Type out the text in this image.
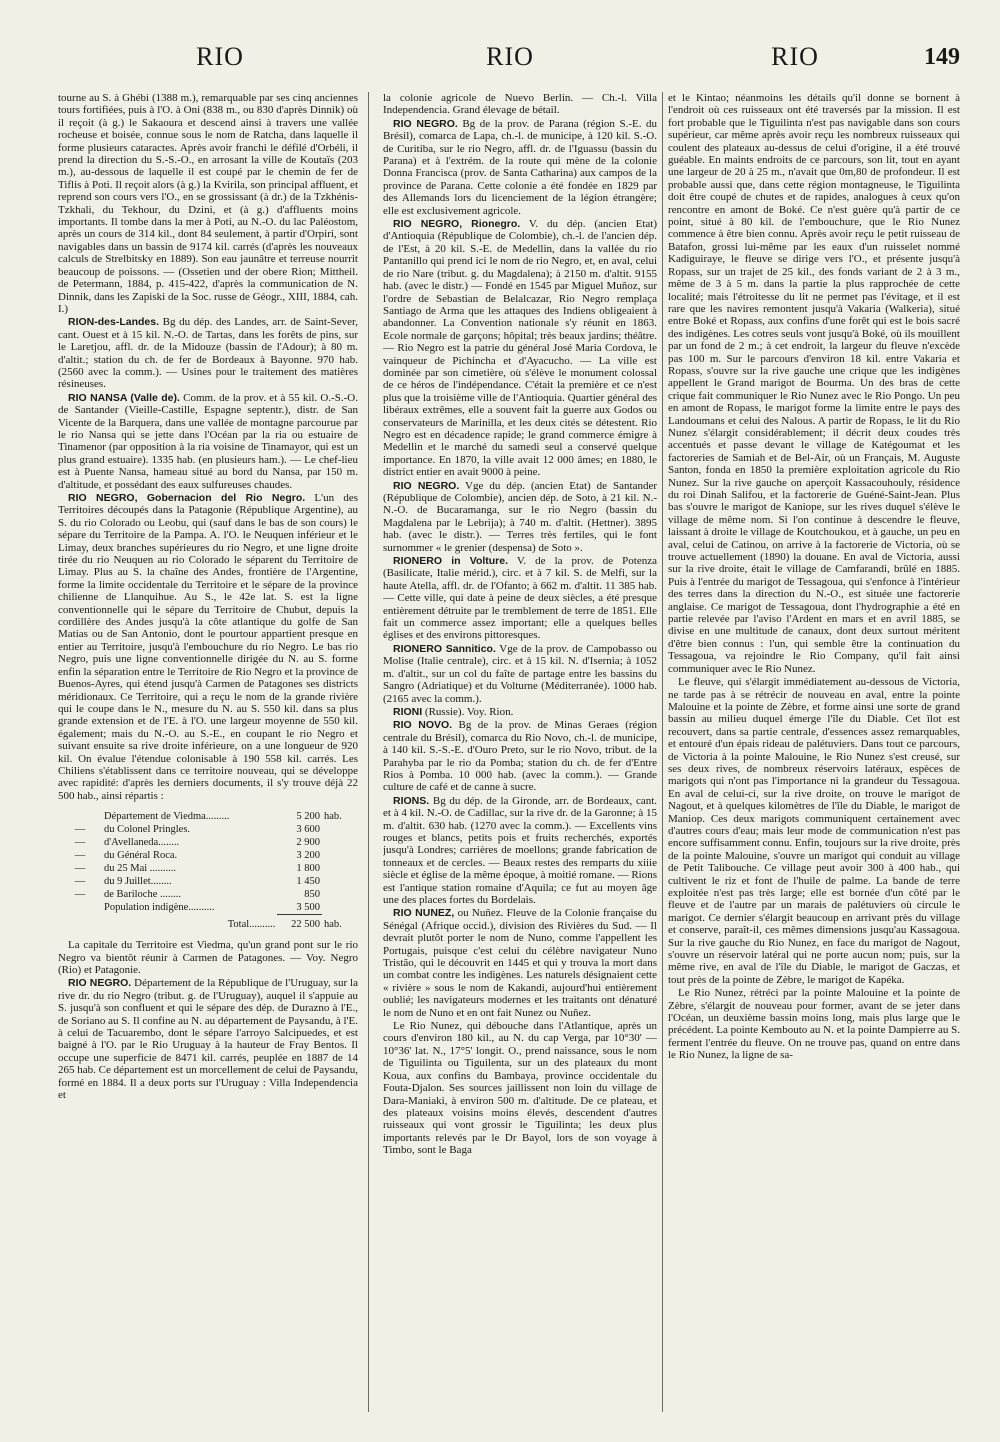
RIO	RIO	RIO	149

tourne au S. à Ghébi (1388 m.), remarquable par ses cinq anciennes tours fortifiées, puis à l'O. à Oni (838 m., ou 830 d'après Dinnik) où il reçoit (à g.) le Sakaoura et descend ainsi à travers une vallée rocheuse et boisée, connue sous le nom de Ratcha, dans laquelle il forme plusieurs cataractes. Après avoir franchi le défilé d'Orbéli, il prend la direction du S.-S.-O., en arrosant la ville de Koutaïs (203 m.), au-dessous de laquelle il est coupé par le chemin de fer de Tiflis à Poti. Il reçoit alors (à g.) la Kvirila, son principal affluent, et reprend son cours vers l'O., en se grossissant (à dr.) de la Tzkhénis-Tzkhali, du Tekhour, du Dzini, et (à g.) d'affluents moins importants. Il tombe dans la mer à Poti, au N.-O. du lac Paléostom, après un cours de 314 kil., dont 84 seulement, à partir d'Orpiri, sont navigables dans un bassin de 9174 kil. carrés (d'après les nouveaux calculs de Strelbitsky en 1889). Son eau jaunâtre et terreuse nourrit beaucoup de poissons. — (Ossetien und der obere Rion; Mittheil. de Petermann, 1884, p. 415-422, d'après la communication de N. Dinnik, dans les Zapiski de la Soc. russe de Géogr., XIII, 1884, cah. I.)

RION-des-Landes. Bg du dép. des Landes, arr. de Saint-Sever, cant. Ouest et à 15 kil. N.-O. de Tartas, dans les forêts de pins, sur le Laretjou, affl. dr. de la Midouze (bassin de l'Adour); à 80 m. d'altit.; station du ch. de fer de Bordeaux à Bayonne. 970 hab. (2560 avec la comm.). — Usines pour le traitement des matières résineuses.

RIO NANSA (Valle de). Comm. de la prov. et à 55 kil. O.-S.-O. de Santander (Vieille-Castille, Espagne septentr.), distr. de San Vicente de la Barquera, dans une vallée de montagne parcourue par le rio Nansa qui se jette dans l'Océan par la ria ou estuaire de Tinamenor (par opposition à la ria voisine de Tinamayor, qui est un plus grand estuaire). 1335 hab. (en plusieurs ham.). — Le chef-lieu est à Puente Nansa, hameau situé au bord du Nansa, par 150 m. d'altitude, et possédant des eaux sulfureuses chaudes.

RIO NEGRO, Gobernacion del Rio Negro. L'un des Territoires découpés dans la Patagonie (République Argentine), au S. du rio Colorado ou Leobu, qui (sauf dans le bas de son cours) le sépare du Territoire de la Pampa. A. l'O. le Neuquen inférieur et le Limay, deux branches supérieures du rio Negro, et une ligne droite tirée du rio Neuquen au rio Colorado le séparent du Territoire de Limay. Plus au S. la chaîne des Andes, frontière de l'Argentine, forme la limite occidentale du Territoire et le sépare de la province chilienne de Llanquihue. Au S., le 42e lat. S. est la ligne conventionnelle qui le sépare du Territoire de Chubut, depuis la cordillère des Andes jusqu'à la côte atlantique du golfe de San Matias ou de San Antonio, dont le pourtour appartient presque en entier au Territoire, jusqu'à l'embouchure du rio Negro. Le bas rio Negro, puis une ligne conventionnelle dirigée du N. au S. forme enfin la séparation entre le Territoire de Rio Negro et la province de Buenos-Ayres, qui étend jusqu'à Carmen de Patagones ses districts méridionaux. Ce Territoire, qui a reçu le nom de la grande rivière qui le coupe dans le N., mesure du N. au S. 550 kil. dans sa plus grande extension et de l'E. à l'O. une largeur moyenne de 550 kil. également; mais du N.-O. au S.-E., en coupant le rio Negro et suivant ensuite sa rive droite inférieure, on a une longueur de 920 kil. On évalue l'étendue colonisable à 190 558 kil. carrés. Les Chiliens s'établissent dans ce territoire nouveau, qui se développe avec rapidité: d'après les derniers documents, il s'y trouve déjà 22 500 hab., ainsi répartis :

	Département de Viedma.........	5 200	hab.
—	du Colonel Pringles.	3 600	
—	d'Avellaneda........	2 900	
—	du Général Roca.	3 200	
—	du 25 Mai ..........	1 800	
—	du 9 Juillet........	1 450	
—	de Bariloche ........	850	
	Population indigène..........	3 500	
	Total..........	22 500	hab.

La capitale du Territoire est Viedma, qu'un grand pont sur le rio Negro va bientôt réunir à Carmen de Patagones. — Voy. Negro (Rio) et Patagonie.

RIO NEGRO. Département de la République de l'Uruguay, sur la rive dr. du rio Negro (tribut. g. de l'Uruguay), auquel il s'appuie au S. jusqu'à son confluent et qui le sépare des dép. de Durazno à l'E., de Soriano au S. Il confine au N. au département de Paysandu, à l'E. à celui de Tacuarembo, dont le sépare l'arroyo Salcipuedes, et est baigné à l'O. par le Rio Uruguay à la hauteur de Fray Bentos. Il occupe une superficie de 8471 kil. carrés, peuplée en 1887 de 14 265 hab. Ce département est un morcellement de celui de Paysandu, formé en 1884. Il a deux ports sur l'Uruguay : Villa Independencia et

la colonie agricole de Nuevo Berlin. — Ch.-l. Villa Independencia. Grand élevage de bétail.

RIO NEGRO. Bg de la prov. de Parana (région S.-E. du Brésil), comarca de Lapa, ch.-l. de municipe, à 120 kil. S.-O. de Curitiba, sur le rio Negro, affl. dr. de l'Iguassu (bassin du Parana) et à l'extrém. de la route qui mène de la colonie Donna Francisca (prov. de Santa Catharina) aux campos de la province de Parana. Cette colonie a été fondée en 1829 par des Allemands lors du licenciement de la légion étrangère; elle est exclusivement agricole.

RIO NEGRO, Rionegro. V. du dép. (ancien Etat) d'Antioquia (République de Colombie), ch.-l. de l'ancien dép. de l'Est, à 20 kil. S.-E. de Medellin, dans la vallée du rio Pantanillo qui prend ici le nom de rio Negro, et, en aval, celui de rio Nare (tribut. g. du Magdalena); à 2150 m. d'altit. 9155 hab. (avec le distr.) — Fondé en 1545 par Miguel Muñoz, sur l'ordre de Sebastian de Belalcazar, Rio Negro remplaça Santiago de Arma que les attaques des Indiens obligeaient à abandonner. La Convention nationale s'y réunit en 1863. Ecole normale de garçons; hôpital; très beaux jardins; théâtre. — Rio Negro est la patrie du général José Maria Cordova, le vainqueur de Pichincha et d'Ayacucho. — La ville est dominée par son cimetière, où s'élève le monument colossal de ce héros de l'indépendance. C'était la première et ce n'est plus que la troisième ville de l'Antioquia. Quartier général des libéraux extrêmes, elle a souvent fait la guerre aux Godos ou conservateurs de Marinilla, et les deux cités se détestent. Rio Negro est en décadence rapide; le grand commerce émigre à Medellin et le marché du samedi seul a conservé quelque importance. En 1870, la ville avait 12 000 âmes; en 1880, le district entier en avait 9000 à peine.

RIO NEGRO. Vge du dép. (ancien Etat) de Santander (République de Colombie), ancien dép. de Soto, à 21 kil. N.-N.-O. de Bucaramanga, sur le rio Negro (bassin du Magdalena par le Lebrija); à 740 m. d'altit. (Hettner). 3895 hab. (avec le distr.). — Terres très fertiles, qui le font surnommer « le grenier (despensa) de Soto ».

RIONERO in Volture. V. de la prov. de Potenza (Basilicate, Italie mérid.), circ. et à 7 kil. S. de Melfi, sur la haute Atella, affl. dr. de l'Ofanto; à 662 m. d'altit. 11 385 hab. — Cette ville, qui date à peine de deux siècles, a été presque entièrement détruite par le tremblement de terre de 1851. Elle fait un commerce assez important; elle a quelques belles églises et des environs pittoresques.

RIONERO Sannitico. Vge de la prov. de Campobasso ou Molise (Italie centrale), circ. et à 15 kil. N. d'Isernia; à 1052 m. d'altit., sur un col du faîte de partage entre les bassins du Sangro (Adriatique) et du Volturne (Méditerranée). 1000 hab. (2165 avec la comm.).

RIONI (Russie). Voy. Rion.

RIO NOVO. Bg de la prov. de Minas Geraes (région centrale du Brésil), comarca du Rio Novo, ch.-l. de municipe, à 140 kil. S.-S.-E. d'Ouro Preto, sur le rio Novo, tribut. de la Parahyba par le rio da Pomba; station du ch. de fer d'Entre Rios à Pomba. 10 000 hab. (avec la comm.). — Grande culture de café et de canne à sucre.

RIONS. Bg du dép. de la Gironde, arr. de Bordeaux, cant. et à 4 kil. N.-O. de Cadillac, sur la rive dr. de la Garonne; à 15 m. d'altit. 630 hab. (1270 avec la comm.). — Excellents vins rouges et blancs, petits pois et fruits recherchés, exportés jusqu'à Londres; carrières de moellons; grande fabrication de tonneaux et de cercles. — Beaux restes des remparts du xiiie siècle et église de la même époque, à moitié romane. — Rions est l'antique station romaine d'Aquila; ce fut au moyen âge une des places fortes du Bordelais.

RIO NUNEZ, ou Nuñez. Fleuve de la Colonie française du Sénégal (Afrique occid.), division des Rivières du Sud. — Il devrait plutôt porter le nom de Nuno, comme l'appellent les Portugais, puisque c'est celui du célèbre navigateur Nuno Tristão, qui le découvrit en 1445 et qui y trouva la mort dans un combat contre les indigènes. Les naturels désignaient cette « rivière » sous le nom de Kakandi, aujourd'hui entièrement oublié; les navigateurs modernes et les traitants ont dénaturé le nom de Nuno et en ont fait Nunez ou Nuñez.

Le Rio Nunez, qui débouche dans l'Atlantique, après un cours d'environ 180 kil., au N. du cap Verga, par 10°30' — 10°36' lat. N., 17°5' longit. O., prend naissance, sous le nom de Tiguilinta ou Tiguilenta, sur un des plateaux du mont Koua, aux confins du Bambaya, province occidentale du Fouta-Djalon. Ses sources jaillissent non loin du village de Dara-Maniaki, à environ 500 m. d'altitude. De ce plateau, et des plateaux voisins moins élevés, descendent d'autres ruisseaux qui vont grossir le Tiguilinta; les deux plus importants relevés par le Dr Bayol, lors de son voyage à Timbo, sont le Baga

et le Kintao; néanmoins les détails qu'il donne se bornent à l'endroit où ces ruisseaux ont été traversés par la mission. Il est fort probable que le Tiguilinta n'est pas navigable dans son cours supérieur, car même après avoir reçu les nombreux ruisseaux qui coulent des plateaux au-dessus de celui d'origine, il a été trouvé guéable. En maints endroits de ce parcours, son lit, tout en ayant une largeur de 20 à 25 m., n'avait que 0m,80 de profondeur. Il est probable aussi que, dans cette région montagneuse, le Tiguilinta doit être coupé de chutes et de rapides, analogues à ceux qu'on rencontre en amont de Boké. Ce n'est guère qu'à partir de ce point, situé à 80 kil. de l'embouchure, que le Rio Nunez commence à être bien connu. Après avoir reçu le petit ruisseau de Batafon, grossi lui-même par les eaux d'un ruisselet nommé Kadiguiraye, le fleuve se dirige vers l'O., et présente jusqu'à Ropass, sur un trajet de 25 kil., des fonds variant de 2 à 3 m., même de 3 à 5 m. dans la partie la plus rapprochée de cette localité; mais l'étroitesse du lit ne permet pas l'évitage, et il est rare que les navires remontent jusqu'à Vakaria (Walkeria), situé entre Boké et Ropass, aux confins d'une forêt qui est le bois sacré des indigènes. Les cotres seuls vont jusqu'à Boké, où ils mouillent par un fond de 2 m.; à cet endroit, la largeur du fleuve n'excède pas 100 m. Sur le parcours d'environ 18 kil. entre Vakaria et Ropass, s'ouvre sur la rive gauche une crique que les indigènes appellent le Grand marigot de Bourma. Un des bras de cette crique fait communiquer le Rio Nunez avec le Rio Pongo. Un peu en amont de Ropass, le marigot forme la limite entre le pays des Landoumans et celui des Nalous. A partir de Ropass, le lit du Rio Nunez s'élargit considérablement; il décrit deux coudes très accentués et passe devant le village de Katégoumat et les factoreries de Samiah et de Bel-Air, où un Français, M. Auguste Santon, fonda en 1850 la première exploitation agricole du Rio Nunez. Sur la rive gauche on aperçoit Kassacouhouly, résidence du roi Dinah Salifou, et la factorerie de Guéné-Saint-Jean. Plus bas s'ouvre le marigot de Kaniope, sur les rives duquel s'élève le village de même nom. Si l'on continue à descendre le fleuve, laissant à droite le village de Koutchoukou, et à gauche, un peu en aval, celui de Catinou, on arrive à la factorerie de Victoria, où se trouve actuellement (1890) la douane. En aval de Victoria, aussi sur la rive droite, était le village de Camfarandi, brûlé en 1885. Puis à l'entrée du marigot de Tessagoua, qui s'enfonce à l'intérieur des terres dans la direction du N.-O., est située une factorerie anglaise. Ce marigot de Tessagoua, dont l'hydrographie a été en partie relevée par l'aviso l'Ardent en mars et en avril 1885, se divise en une multitude de canaux, dont deux surtout méritent d'être bien connus : l'un, qui semble être la continuation du Tessagoua, va rejoindre le Rio Company, qu'il fait ainsi communiquer avec le Rio Nunez.

Le fleuve, qui s'élargit immédiatement au-dessous de Victoria, ne tarde pas à se rétrécir de nouveau en aval, entre la pointe Malouine et la pointe de Zèbre, et forme ainsi une sorte de grand bassin au milieu duquel émerge l'île du Diable. Cet îlot est recouvert, dans sa partie centrale, d'essences assez remarquables, et entouré d'un épais rideau de palétuviers. Dans tout ce parcours, de Victoria à la pointe Malouine, le Rio Nunez s'est creusé, sur ses deux rives, de nombreux réservoirs latéraux, espèces de marigots qui n'ont pas l'importance ni la grandeur du Tessagoua. En aval de celui-ci, sur la rive droite, on trouve le marigot de Nagout, et à quelques kilomètres de l'île du Diable, le marigot de Maniop. Ces deux marigots communiquent certainement avec d'autres cours d'eau; mais leur mode de communication n'est pas encore suffisamment connu. Enfin, toujours sur la rive droite, près de la pointe Malouine, s'ouvre un marigot qui conduit au village de Petit Talibouche. Ce village peut avoir 300 à 400 hab., qui cultivent le riz et font de l'huile de palme. La bande de terre exploitée n'est pas très large; elle est bornée d'un côté par le fleuve et de l'autre par un marais de palétuviers où circule le marigot. Ce dernier s'élargit beaucoup en arrivant près du village et conserve, paraît-il, ces mêmes dimensions jusqu'au Kassagoua. Sur la rive gauche du Rio Nunez, en face du marigot de Nagout, s'ouvre un réservoir latéral qui ne porte aucun nom; puis, sur la même rive, en aval de l'île du Diable, le marigot de Gaczas, et tout près de la pointe de Zèbre, le marigot de Kapéka.

Le Rio Nunez, rétréci par la pointe Malouine et la pointe de Zèbre, s'élargit de nouveau pour former, avant de se jeter dans l'Océan, un deuxième bassin moins long, mais plus large que le précédent. La pointe Kembouto au N. et la pointe Dampierre au S. ferment l'entrée du fleuve. On ne trouve pas, quand on entre dans le Rio Nunez, la ligne de sa-
